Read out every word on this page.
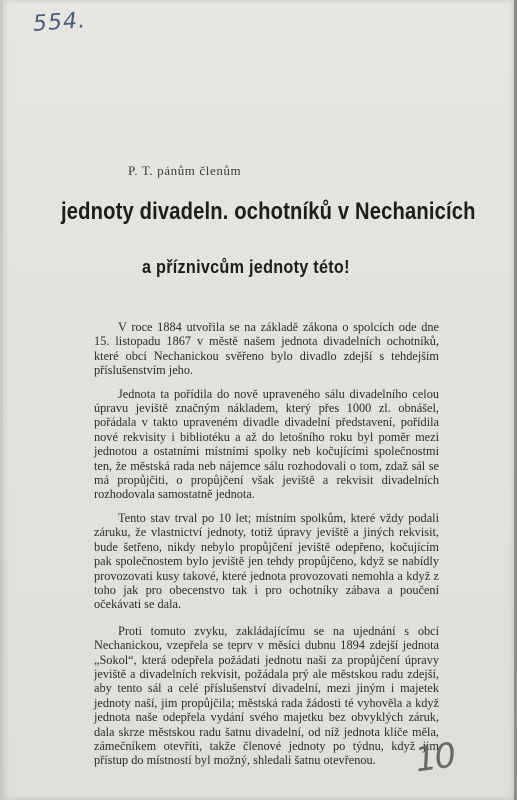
554.
P. T. pánům členům
jednoty divadeln. ochotníků v Nechanicích
a příznivcům jednoty této!

V roce 1884 utvořila se na základě zákona o spolcích ode dne 15. listopadu 1867 v městě našem jednota divadelních ochotníků, které obcí Nechanickou svěřeno bylo divadlo zdejší s tehdejším příslušenstvím jeho.

Jednota ta pořídila do nově upraveného sálu divadelního celou úpravu jeviště značným nákladem, který přes 1000 zl. obnášel, pořádala v takto upraveném divadle divadelní představení, pořídila nové rekvisity i bibliotéku a až do letošního roku byl poměr mezi jednotou a ostatními místními spolky neb kočujícími společnostmi ten, že městská rada neb nájemce sálu rozhodovali o tom, zdaž sál se má propůjčiti, o propůjčení však jeviště a rekvisit divadelních rozhodovala samostatně jednota.

Tento stav trval po 10 let; místním spolkům, které vždy podali záruku, že vlastnictví jednoty, totiž úpravy jeviště a jiných rekvisit, bude šetřeno, nikdy nebylo propůjčení jeviště odepřeno, kočujícím pak společnostem bylo jeviště jen tehdy propůjčeno, když se nabídly provozovati kusy takové, které jednota provozovati nemohla a když z toho jak pro obecenstvo tak i pro ochotníky zábava a poučení očekávati se dala.

Proti tomuto zvyku, zakládajícímu se na ujednání s obcí Nechanickou, vzepřela se teprv v měsíci dubnu 1894 zdejší jednota „Sokol“, která odepřela požádati jednotu naši za propůjčení úpravy jeviště a divadelních rekvisit, požádala prý ale městskou radu zdejší, aby tento sál a celé příslušenství divadelní, mezi jiným i majetek jednoty naší, jim propůjčila; městská rada žádosti té vyhověla a když jednota naše odepřela vydání svého majetku bez obvyklých záruk, dala skrze městskou radu šatnu divadelní, od níž jednota klíče měla, zámečníkem otevříti, takže členové jednoty po týdnu, když jim přístup do místností byl možný, shledali šatnu otevřenou.	10
